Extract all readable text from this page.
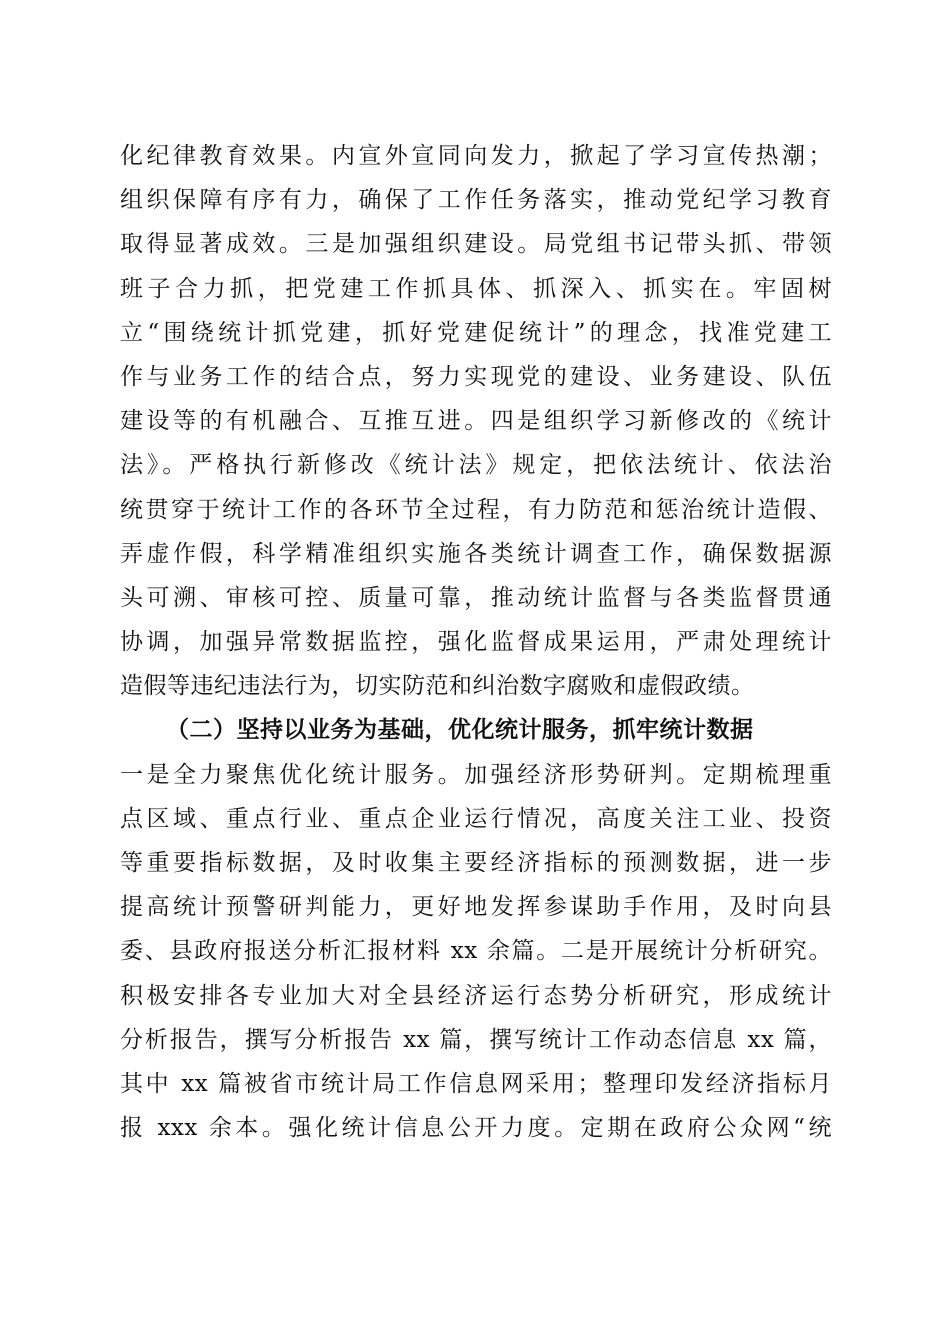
化纪律教育效果。内宣外宣同向发力，掀起了学习宣传热潮；
组织保障有序有力，确保了工作任务落实，推动党纪学习教育
取得显著成效。三是加强组织建设。局党组书记带头抓、带领
班子合力抓，把党建工作抓具体、抓深入、抓实在。牢固树
立“围绕统计抓党建，抓好党建促统计”的理念，找准党建工
作与业务工作的结合点，努力实现党的建设、业务建设、队伍
建设等的有机融合、互推互进。四是组织学习新修改的《统计
法》。严格执行新修改《统计法》规定，把依法统计、依法治
统贯穿于统计工作的各环节全过程，有力防范和惩治统计造假、
弄虚作假，科学精准组织实施各类统计调查工作，确保数据源
头可溯、审核可控、质量可靠，推动统计监督与各类监督贯通
协调，加强异常数据监控，强化监督成果运用，严肃处理统计
造假等违纪违法行为，切实防范和纠治数字腐败和虚假政绩。
（二）坚持以业务为基础，优化统计服务，抓牢统计数据
一是全力聚焦优化统计服务。加强经济形势研判。定期梳理重
点区域、重点行业、重点企业运行情况，高度关注工业、投资
等重要指标数据，及时收集主要经济指标的预测数据，进一步
提高统计预警研判能力，更好地发挥参谋助手作用，及时向县
委、县政府报送分析汇报材料 xx 余篇。二是开展统计分析研究。
积极安排各专业加大对全县经济运行态势分析研究，形成统计
分析报告，撰写分析报告 xx 篇，撰写统计工作动态信息 xx 篇，
其中 xx 篇被省市统计局工作信息网采用；整理印发经济指标月
报 xxx 余本。强化统计信息公开力度。定期在政府公众网“统
